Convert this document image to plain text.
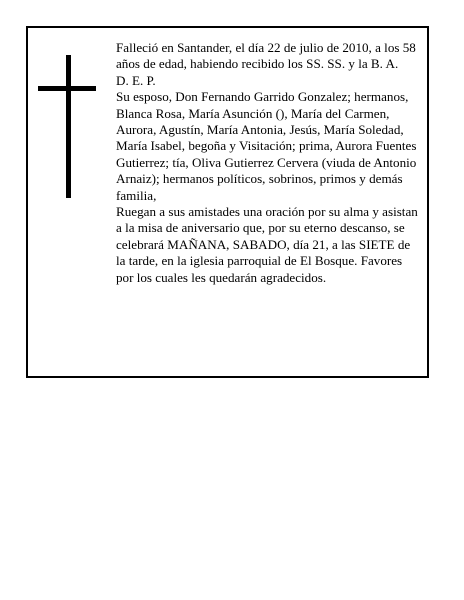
Falleció en Santander, el día 22 de julio de 2010, a los 58 años de edad, habiendo recibido los SS. SS. y la B. A.

D. E. P.

Su esposo, Don Fernando Garrido Gonzalez; hermanos, Blanca Rosa, María Asunción (), María del Carmen, Aurora, Agustín, María Antonia, Jesús, María Soledad, María Isabel, begoña y Visitación; prima, Aurora Fuentes Gutierrez; tía, Oliva Gutierrez Cervera (viuda de Antonio Arnaiz); hermanos políticos, sobrinos, primos y demás familia,

Ruegan a sus amistades una oración por su alma y asistan a la misa de aniversario que, por su eterno descanso, se celebrará MAÑANA, SABADO, día 21, a las SIETE de la tarde, en la iglesia parroquial de El Bosque. Favores por los cuales les quedarán agradecidos.
